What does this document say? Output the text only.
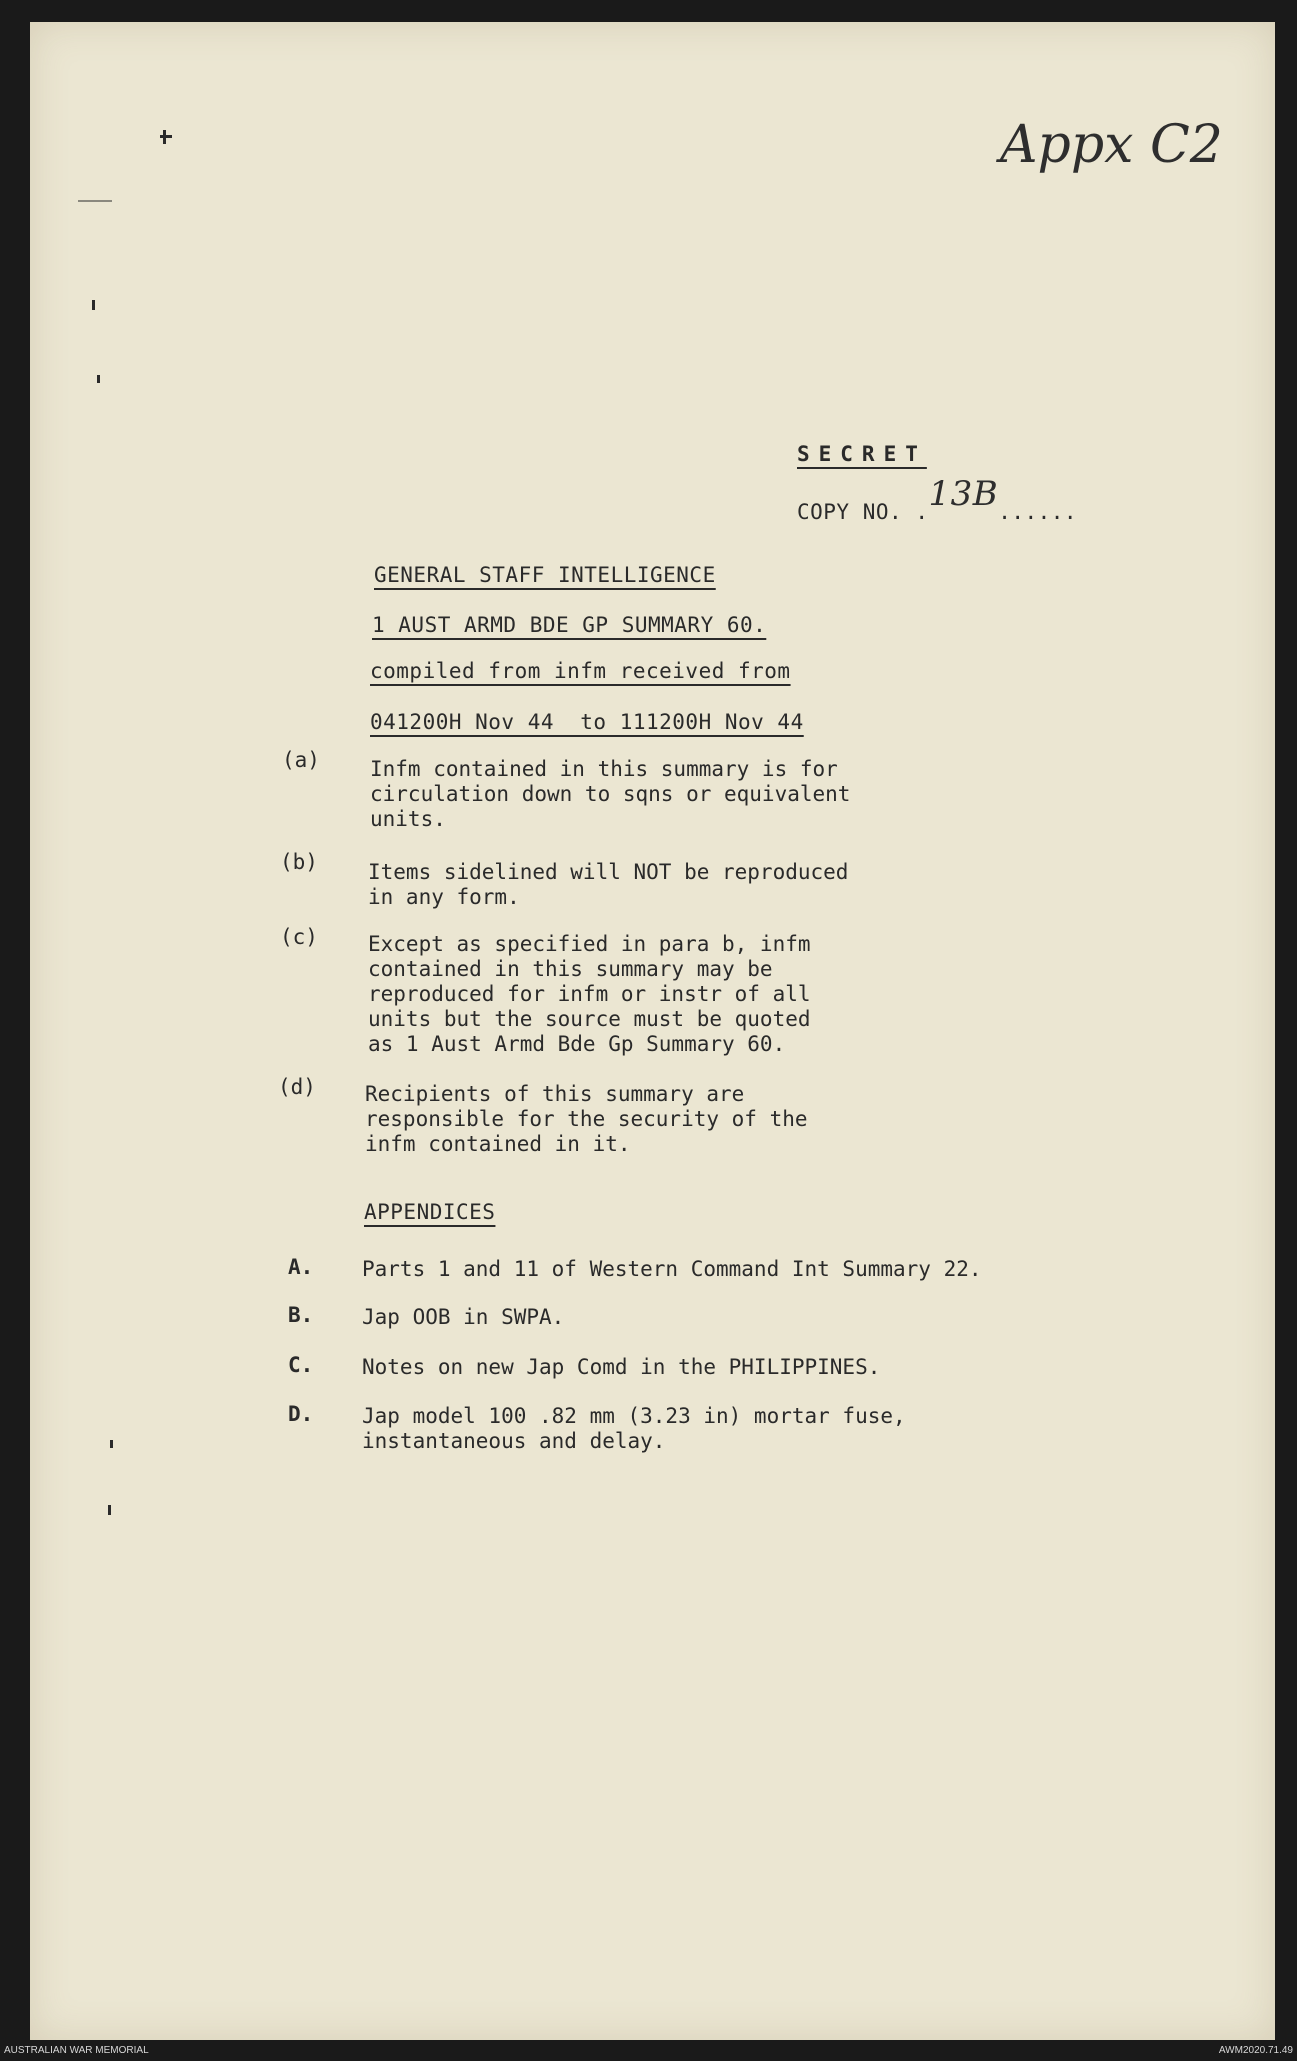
Appx C2
SECRET
COPY NO. .13B......
GENERAL STAFF INTELLIGENCE
1 AUST ARMD BDE GP SUMMARY 60.
compiled from infm received from
041200H Nov 44  to 111200H Nov 44
(a)	Infm contained in this summary is for
circulation down to sqns or equivalent
units.
(b)	Items sidelined will NOT be reproduced
in any form.
(c)	Except as specified in para b, infm
contained in this summary may be
reproduced for infm or instr of all
units but the source must be quoted
as 1 Aust Armd Bde Gp Summary 60.
(d)	Recipients of this summary are
responsible for the security of the
infm contained in it.
APPENDICES
A.	Parts 1 and 11 of Western Command Int Summary 22.
B.	Jap OOB in SWPA.
C.	Notes on new Jap Comd in the PHILIPPINES.
D.	Jap model 100 .82 mm (3.23 in) mortar fuse,
instantaneous and delay.
AUSTRALIAN WAR MEMORIAL	AWM2020.71.49
